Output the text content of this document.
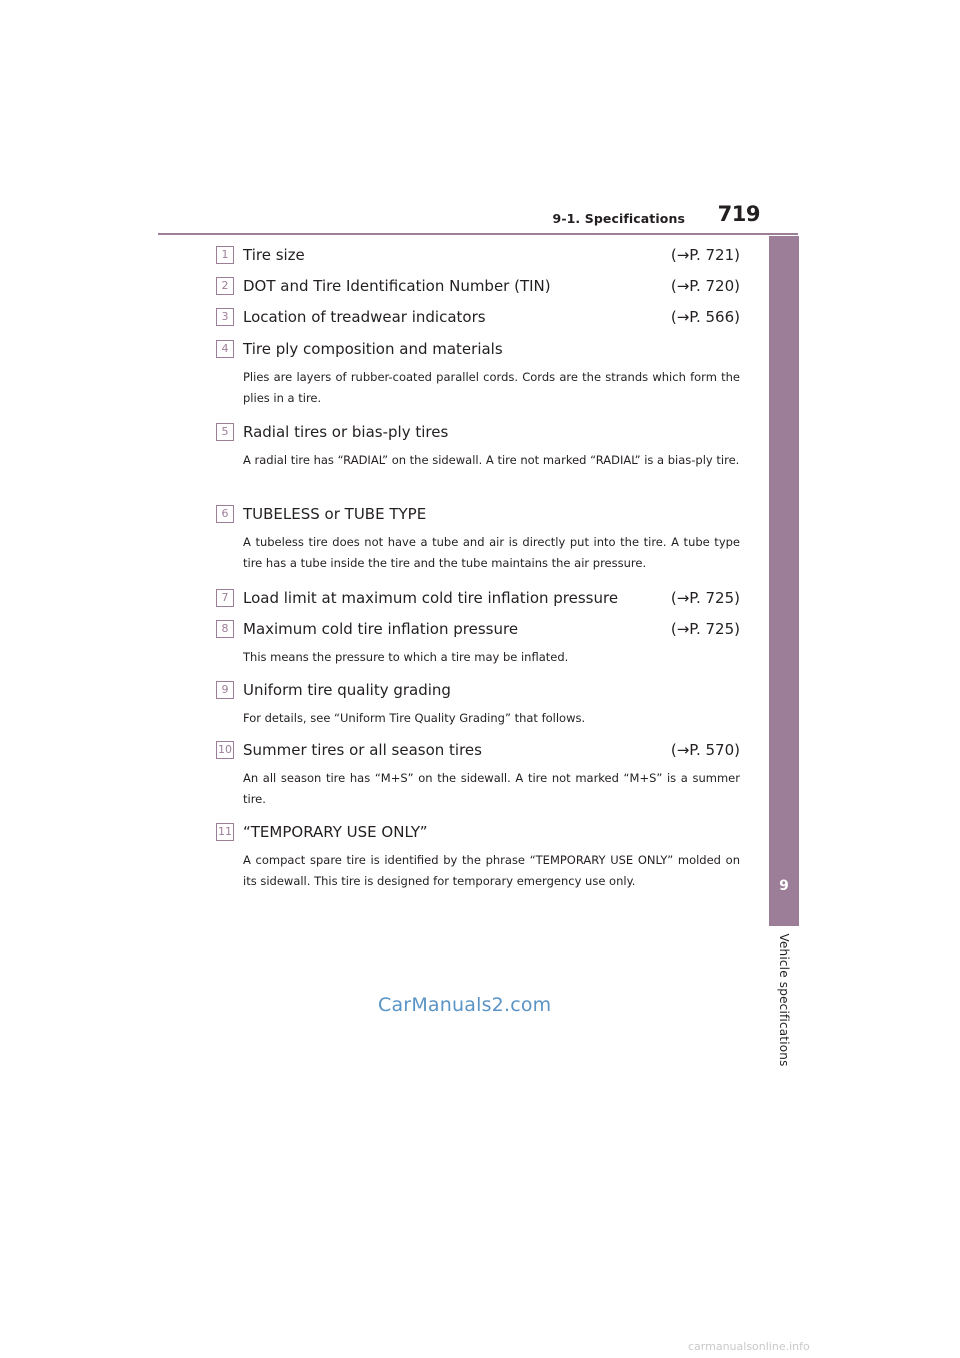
9-1. Specifications 719
9
Vehicle specifications
1 Tire size	(→P. 721)
2 DOT and Tire Identification Number (TIN)	(→P. 720)
3 Location of treadwear indicators	(→P. 566)
4 Tire ply composition and materials
Plies are layers of rubber-coated parallel cords. Cords are the strands which form the plies in a tire.
5 Radial tires or bias-ply tires
A radial tire has “RADIAL” on the sidewall. A tire not marked “RADIAL” is a bias-ply tire.
6 TUBELESS or TUBE TYPE
A tubeless tire does not have a tube and air is directly put into the tire. A tube type tire has a tube inside the tire and the tube maintains the air pressure.
7 Load limit at maximum cold tire inflation pressure	(→P. 725)
8 Maximum cold tire inflation pressure	(→P. 725)
This means the pressure to which a tire may be inflated.
9 Uniform tire quality grading
For details, see “Uniform Tire Quality Grading” that follows.
10 Summer tires or all season tires	(→P. 570)
An all season tire has “M+S” on the sidewall. A tire not marked “M+S” is a summer tire.
11 “TEMPORARY USE ONLY”
A compact spare tire is identified by the phrase “TEMPORARY USE ONLY” molded on its sidewall. This tire is designed for temporary emergency use only.
CarManuals2.com
carmanualsonline.info
